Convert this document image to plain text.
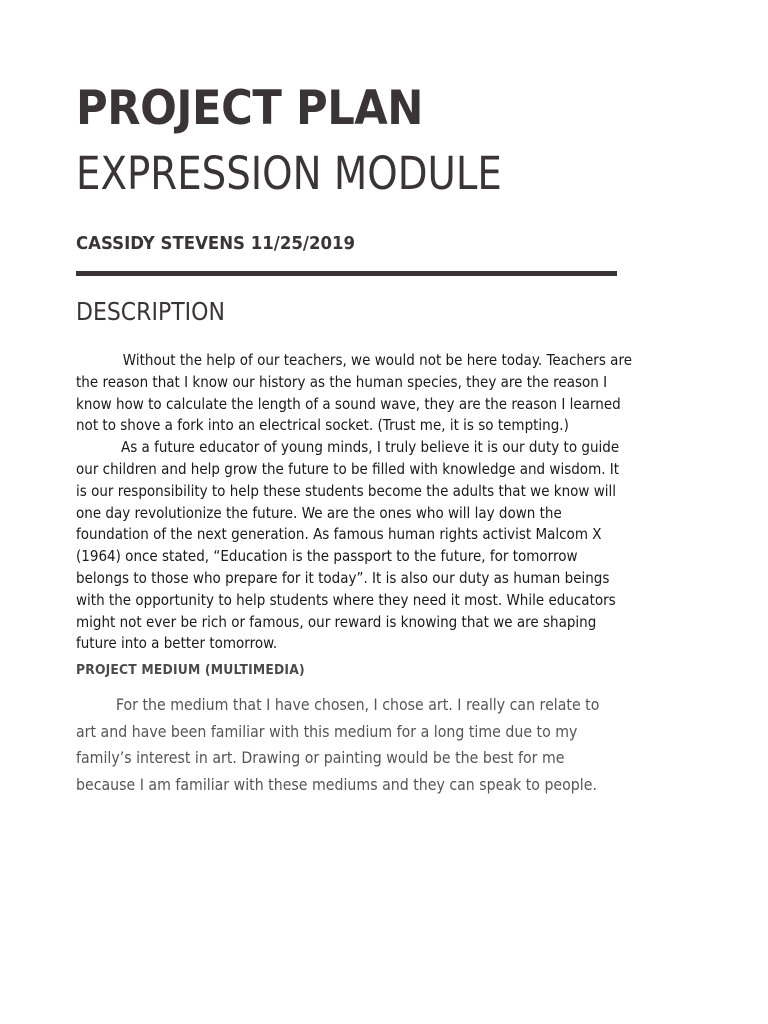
PROJECT PLAN
EXPRESSION MODULE
CASSIDY STEVENS 11/25/2019
DESCRIPTION

Without the help of our teachers, we would not be here today. Teachers are the reason that I know our history as the human species, they are the reason I know how to calculate the length of a sound wave, they are the reason I learned not to shove a fork into an electrical socket. (Trust me, it is so tempting.)

As a future educator of young minds, I truly believe it is our duty to guide our children and help grow the future to be filled with knowledge and wisdom. It is our responsibility to help these students become the adults that we know will one day revolutionize the future. We are the ones who will lay down the foundation of the next generation. As famous human rights activist Malcom X (1964) once stated, “Education is the passport to the future, for tomorrow belongs to those who prepare for it today”. It is also our duty as human beings with the opportunity to help students where they need it most. While educators might not ever be rich or famous, our reward is knowing that we are shaping future into a better tomorrow.

PROJECT MEDIUM (MULTIMEDIA)

For the medium that I have chosen, I chose art. I really can relate to art and have been familiar with this medium for a long time due to my family’s interest in art. Drawing or painting would be the best for me because I am familiar with these mediums and they can speak to people.
